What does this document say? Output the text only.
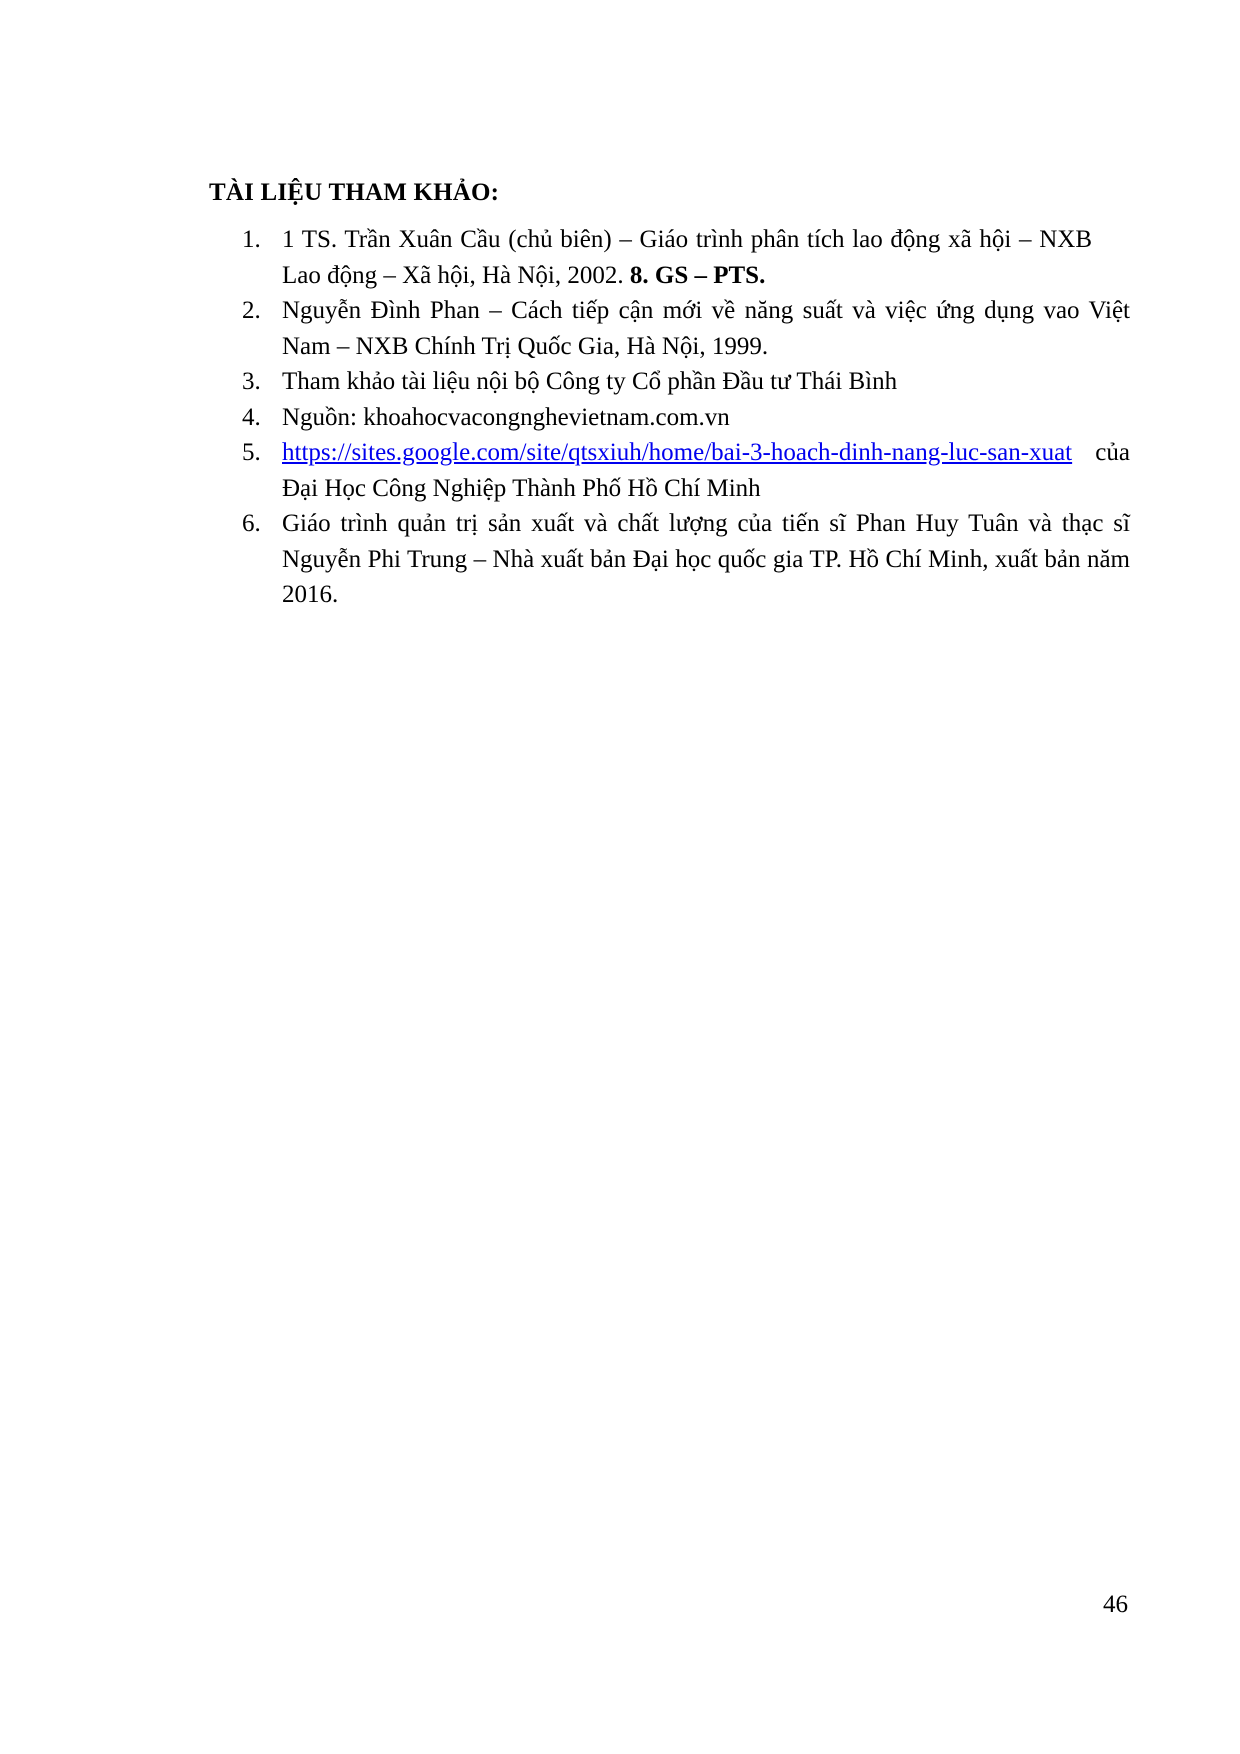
TÀI LIỆU THAM KHẢO:
1. 1 TS. Trần Xuân Cầu (chủ biên) – Giáo trình phân tích lao động xã hội – NXBLao động – Xã hội, Hà Nội, 2002. 8. GS – PTS.
2. Nguyễn Đình Phan – Cách tiếp cận mới về năng suất và việc ứng dụng vao Việt Nam – NXB Chính Trị Quốc Gia, Hà Nội, 1999.
3. Tham khảo tài liệu nội bộ Công ty Cổ phần Đầu tư Thái Bình
4. Nguồn: khoahocvacongnghevietnam.com.vn
5. https://sites.google.com/site/qtsxiuh/home/bai-3-hoach-dinh-nang-luc-san-xuat của Đại Học Công Nghiệp Thành Phố Hồ Chí Minh
6. Giáo trình quản trị sản xuất và chất lượng của tiến sĩ Phan Huy Tuân và thạc sĩ Nguyễn Phi Trung – Nhà xuất bản Đại học quốc gia TP. Hồ Chí Minh, xuất bản năm 2016.
46
